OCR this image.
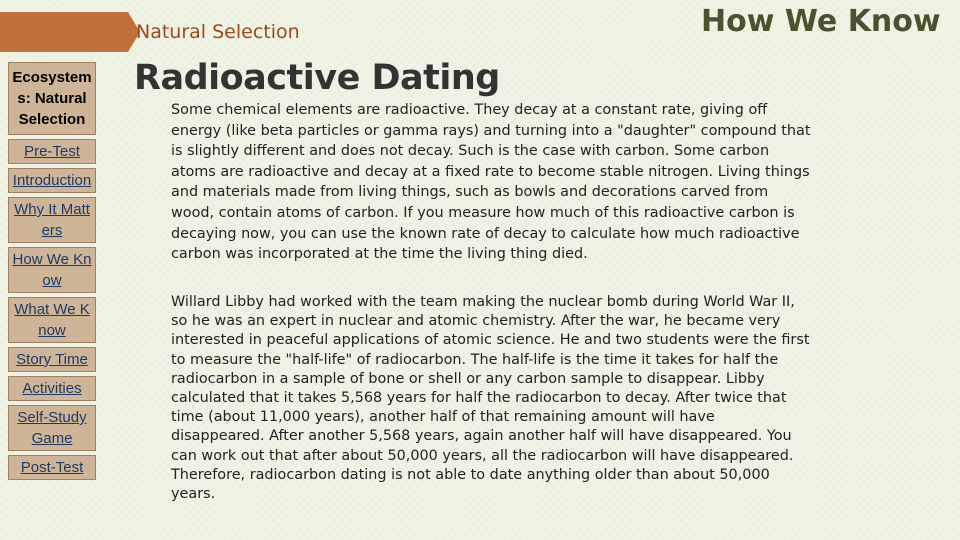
Natural Selection	How We Know
Ecosystems: Natural Selection
Pre-Test
Introduction
Why It Matters
How We Know
What We Know
Story Time
Activities
Self-Study Game
Post-Test
Radioactive Dating

Some chemical elements are radioactive. They decay at a constant rate, giving off energy (like beta particles or gamma rays) and turning into a "daughter" compound that is slightly different and does not decay. Such is the case with carbon. Some carbon atoms are radioactive and decay at a fixed rate to become stable nitrogen. Living things and materials made from living things, such as bowls and decorations carved from wood, contain atoms of carbon. If you measure how much of this radioactive carbon is decaying now, you can use the known rate of decay to calculate how much radioactive carbon was incorporated at the time the living thing died.

Willard Libby had worked with the team making the nuclear bomb during World War II, so he was an expert in nuclear and atomic chemistry. After the war, he became very interested in peaceful applications of atomic science. He and two students were the first to measure the "half-life" of radiocarbon. The half-life is the time it takes for half the radiocarbon in a sample of bone or shell or any carbon sample to disappear. Libby calculated that it takes 5,568 years for half the radiocarbon to decay. After twice that time (about 11,000 years), another half of that remaining amount will have disappeared. After another 5,568 years, again another half will have disappeared. You can work out that after about 50,000 years, all the radiocarbon will have disappeared. Therefore, radiocarbon dating is not able to date anything older than about 50,000 years.
